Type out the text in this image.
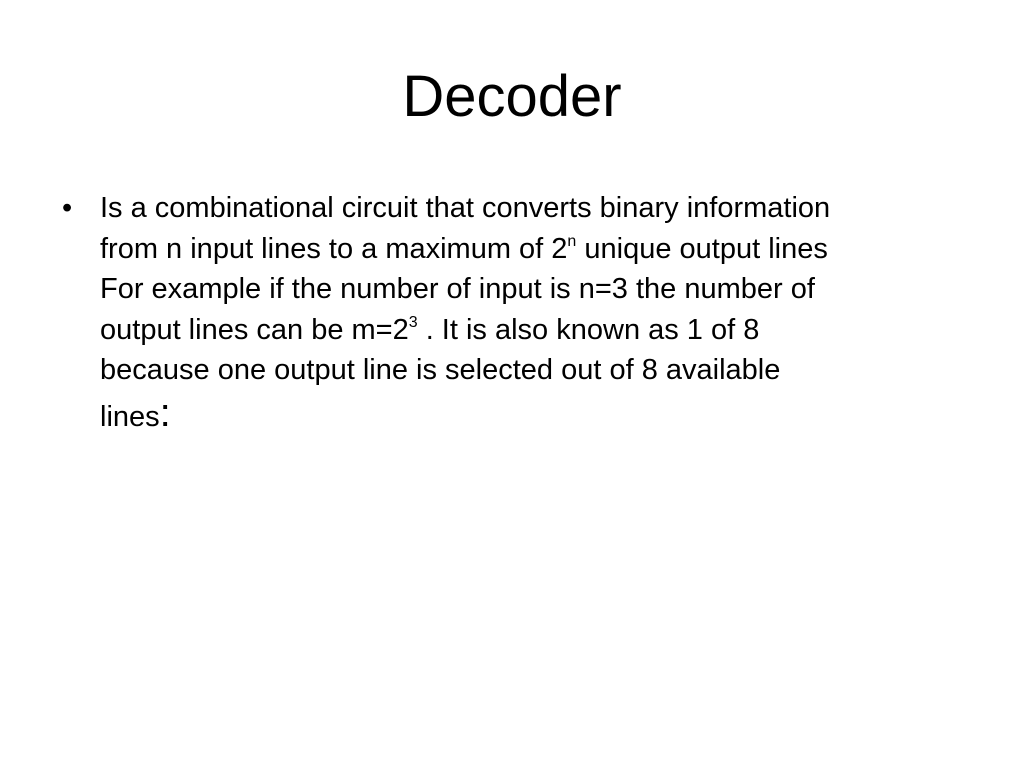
Decoder
• Is a combinational circuit that converts binary information
from n input lines to a maximum of 2$^n$ unique output lines
For example if the number of input is n=3 the number of
output lines can be $m=2^3$ . It is also known as 1 of 8
because one output line is selected out of 8 available
lines:
